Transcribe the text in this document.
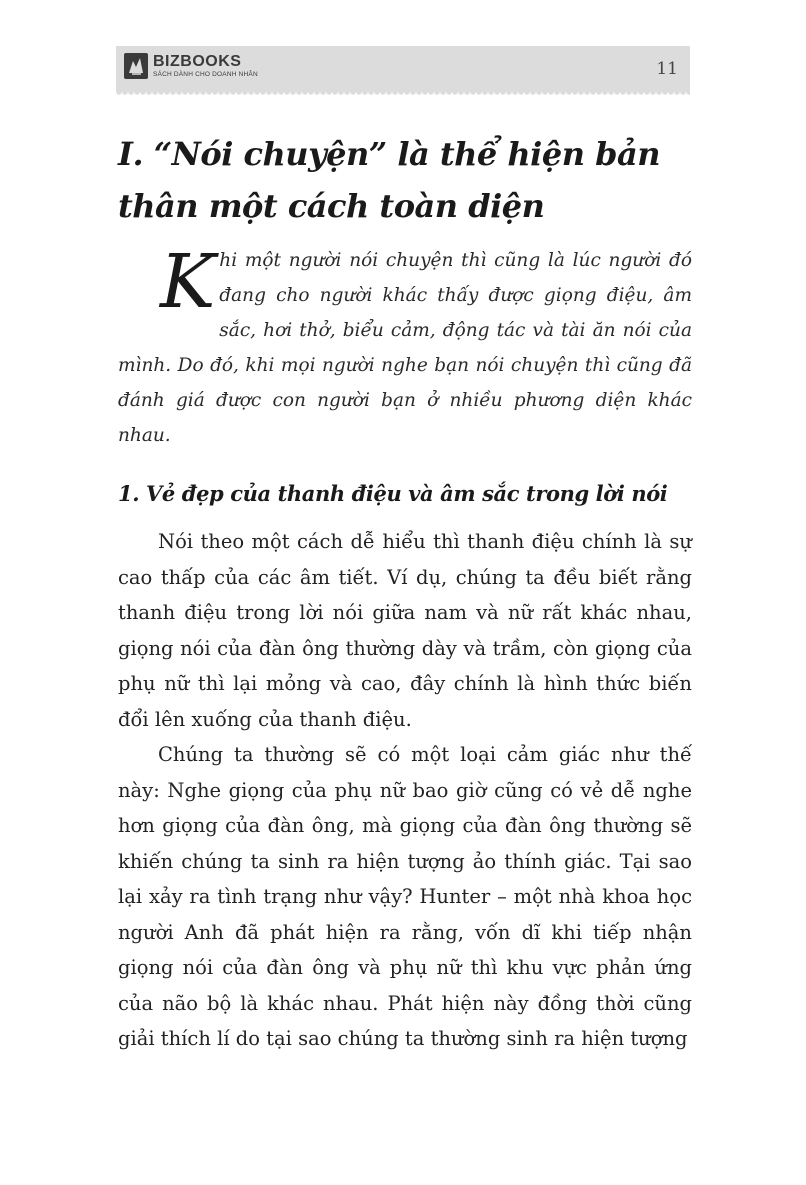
BIZBOOKS
SÁCH DÀNH CHO DOANH NHÂN	11
I. “Nói chuyện” là thể hiện bản thân một cách toàn diện

Khi một người nói chuyện thì cũng là lúc người đó đang cho người khác thấy được giọng điệu, âm sắc, hơi thở, biểu cảm, động tác và tài ăn nói của mình. Do đó, khi mọi người nghe bạn nói chuyện thì cũng đã đánh giá được con người bạn ở nhiều phương diện khác nhau.

1. Vẻ đẹp của thanh điệu và âm sắc trong lời nói

Nói theo một cách dễ hiểu thì thanh điệu chính là sự cao thấp của các âm tiết. Ví dụ, chúng ta đều biết rằng thanh điệu trong lời nói giữa nam và nữ rất khác nhau, giọng nói của đàn ông thường dày và trầm, còn giọng của phụ nữ thì lại mỏng và cao, đây chính là hình thức biến đổi lên xuống của thanh điệu.

Chúng ta thường sẽ có một loại cảm giác như thế này: Nghe giọng của phụ nữ bao giờ cũng có vẻ dễ nghe hơn giọng của đàn ông, mà giọng của đàn ông thường sẽ khiến chúng ta sinh ra hiện tượng ảo thính giác. Tại sao lại xảy ra tình trạng như vậy? Hunter – một nhà khoa học người Anh đã phát hiện ra rằng, vốn dĩ khi tiếp nhận giọng nói của đàn ông và phụ nữ thì khu vực phản ứng của não bộ là khác nhau. Phát hiện này đồng thời cũng giải thích lí do tại sao chúng ta thường sinh ra hiện tượng
